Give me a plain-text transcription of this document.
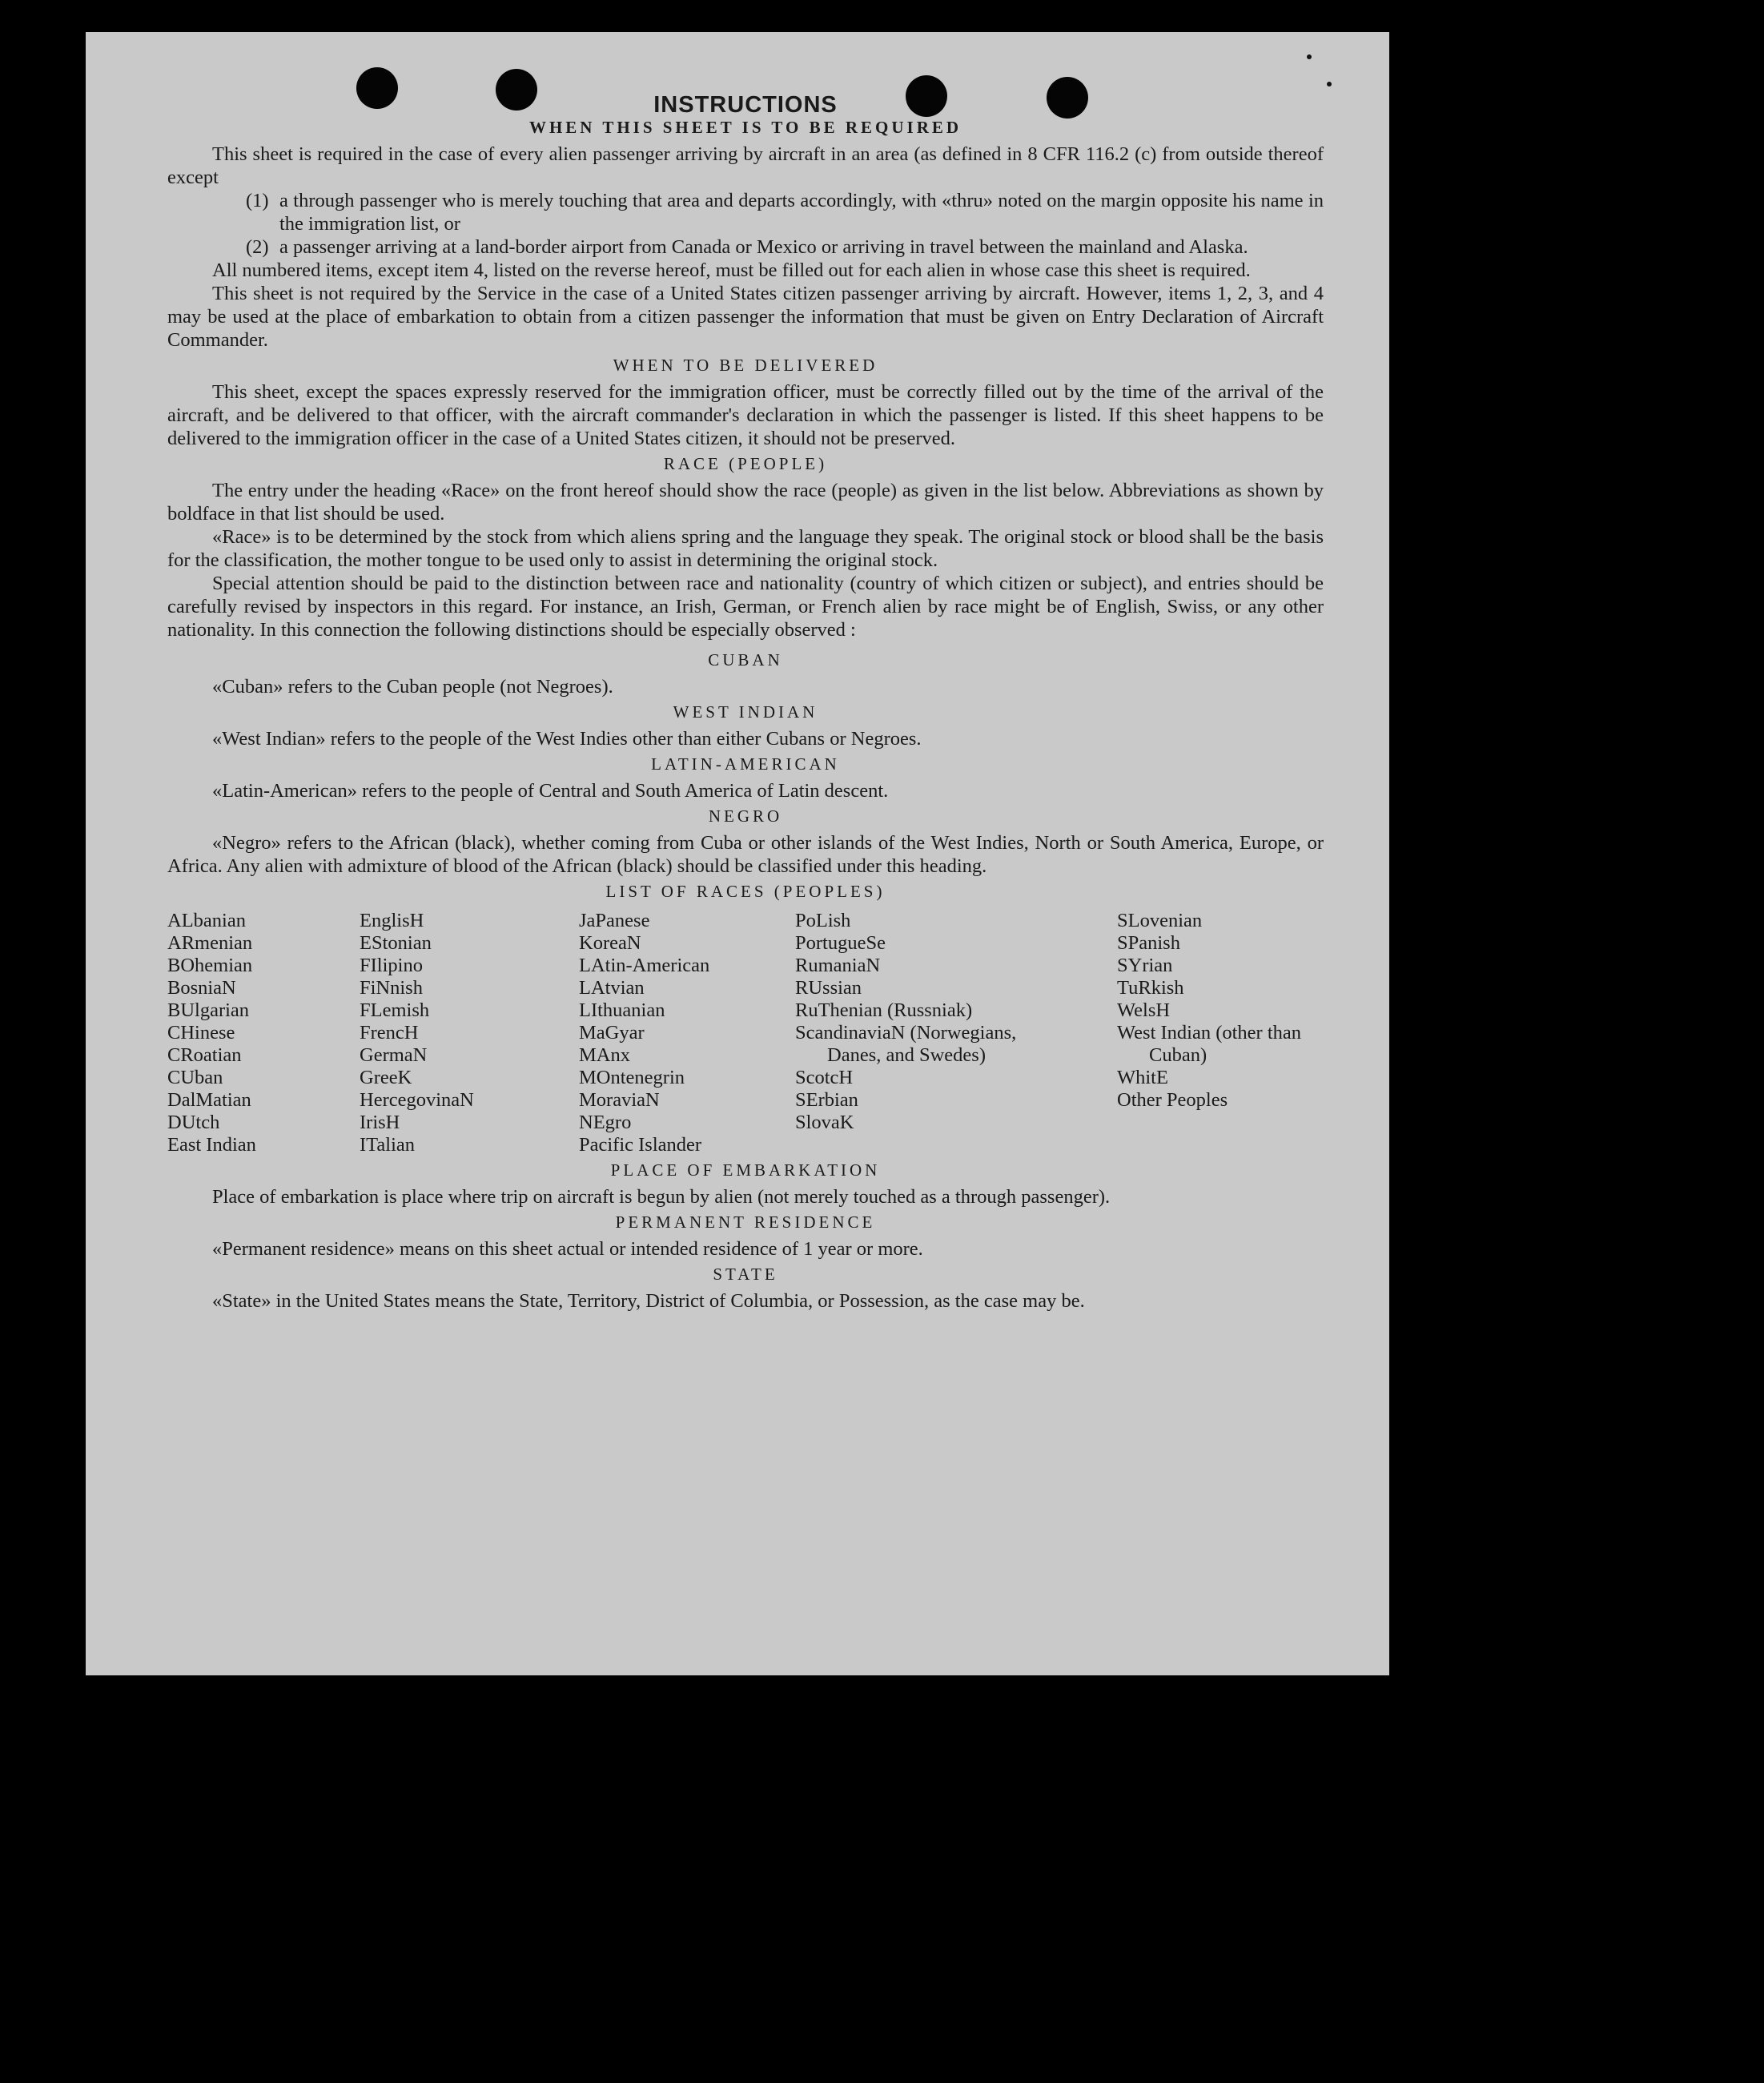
INSTRUCTIONS
WHEN THIS SHEET IS TO BE REQUIRED

This sheet is required in the case of every alien passenger arriving by aircraft in an area (as defined in 8 CFR 116.2 (c) from outside thereof except

(1) a through passenger who is merely touching that area and departs accordingly, with «thru» noted on the margin opposite his name in the immigration list, or
(2) a passenger arriving at a land-border airport from Canada or Mexico or arriving in travel between the mainland and Alaska.

All numbered items, except item 4, listed on the reverse hereof, must be filled out for each alien in whose case this sheet is required.

This sheet is not required by the Service in the case of a United States citizen passenger arriving by aircraft. However, items 1, 2, 3, and 4 may be used at the place of embarkation to obtain from a citizen passenger the information that must be given on Entry Declaration of Aircraft Commander.

WHEN TO BE DELIVERED

This sheet, except the spaces expressly reserved for the immigration officer, must be correctly filled out by the time of the arrival of the aircraft, and be delivered to that officer, with the aircraft commander's declaration in which the passenger is listed. If this sheet happens to be delivered to the immigration officer in the case of a United States citizen, it should not be preserved.

RACE (PEOPLE)

The entry under the heading «Race» on the front hereof should show the race (people) as given in the list below. Abbreviations as shown by boldface in that list should be used.

«Race» is to be determined by the stock from which aliens spring and the language they speak. The original stock or blood shall be the basis for the classification, the mother tongue to be used only to assist in determining the original stock.

Special attention should be paid to the distinction between race and nationality (country of which citizen or subject), and entries should be carefully revised by inspectors in this regard. For instance, an Irish, German, or French alien by race might be of English, Swiss, or any other nationality. In this connection the following distinctions should be especially observed :

CUBAN

«Cuban» refers to the Cuban people (not Negroes).

WEST INDIAN

«West Indian» refers to the people of the West Indies other than either Cubans or Negroes.

LATIN-AMERICAN

«Latin-American» refers to the people of Central and South America of Latin descent.

NEGRO

«Negro» refers to the African (black), whether coming from Cuba or other islands of the West Indies, North or South America, Europe, or Africa. Any alien with admixture of blood of the African (black) should be classified under this heading.

LIST OF RACES (PEOPLES)
ALbanian
ARmenian
BOhemian
BosniaN
BUlgarian
CHinese
CRoatian
CUban
DalMatian
DUtch
East Indian
EnglisH
EStonian
FIlipino
FiNnish
FLemish
FrencH
GermaN
GreeK
HercegovinaN
IrisH
ITalian
JaPanese
KoreaN
LAtin-American
LAtvian
LIthuanian
MaGyar
MAnx
MOntenegrin
MoraviaN
NEgro
Pacific Islander
PoLish
PortugueSe
RumaniaN
RUssian
RuThenian (Russniak)
ScandinaviaN (Norwegians, Danes, and Swedes)
ScotcH
SErbian
SlovaK
SLovenian
SPanish
SYrian
TuRkish
WelsH
West Indian (other than Cuban)
WhitE
Other Peoples
PLACE OF EMBARKATION

Place of embarkation is place where trip on aircraft is begun by alien (not merely touched as a through passenger).

PERMANENT RESIDENCE

«Permanent residence» means on this sheet actual or intended residence of 1 year or more.

STATE

«State» in the United States means the State, Territory, District of Columbia, or Possession, as the case may be.
